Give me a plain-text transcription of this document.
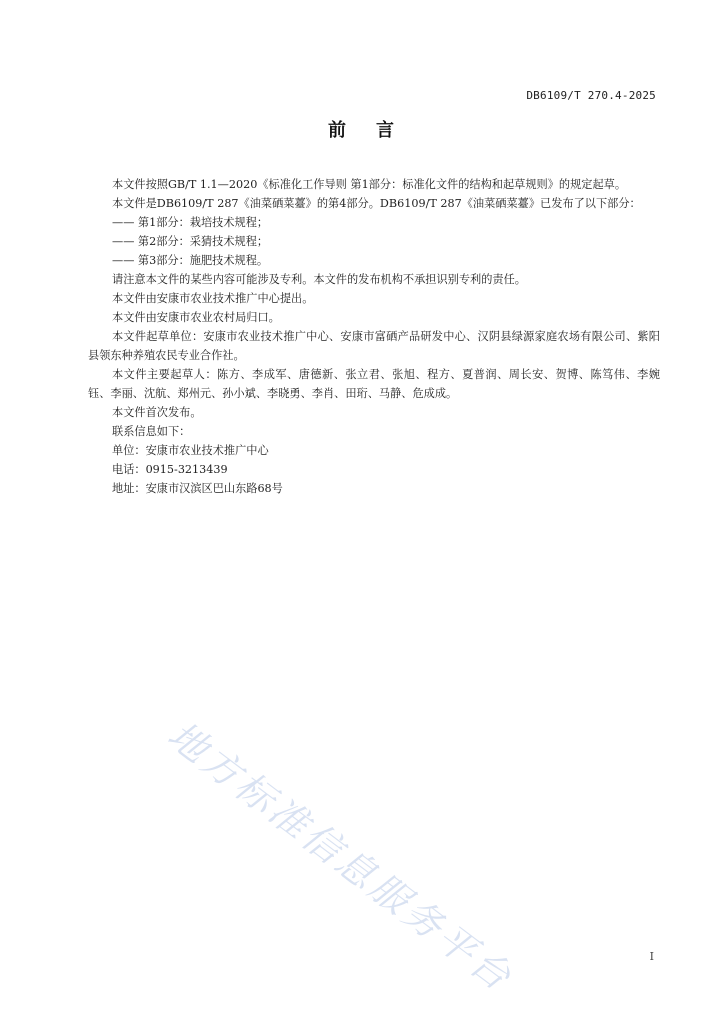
DB6109/T 270.4-2025
前 言

本文件按照GB/T 1.1—2020《标准化工作导则 第1部分：标准化文件的结构和起草规则》的规定起草。

本文件是DB6109/T 287《油菜硒菜薹》的第4部分。DB6109/T 287《油菜硒菜薹》已发布了以下部分：

—— 第1部分：栽培技术规程；

—— 第2部分：采猜技术规程；

—— 第3部分：施肥技术规程。

请注意本文件的某些内容可能涉及专利。本文件的发布机构不承担识别专利的责任。

本文件由安康市农业技术推广中心提出。

本文件由安康市农业农村局归口。

本文件起草单位：安康市农业技术推广中心、安康市富硒产品研发中心、汉阴县绿源家庭农场有限公司、紫阳县领东种养殖农民专业合作社。

本文件主要起草人：陈方、李成军、唐德新、张立君、张旭、程方、夏普润、周长安、贺博、陈笃伟、李婉钰、李丽、沈航、郑州元、孙小斌、李晓勇、李肖、田珩、马静、危成成。

本文件首次发布。

联系信息如下：

单位：安康市农业技术推广中心

电话：0915-3213439

地址：安康市汉滨区巴山东路68号

地方标准信息服务平台	I
